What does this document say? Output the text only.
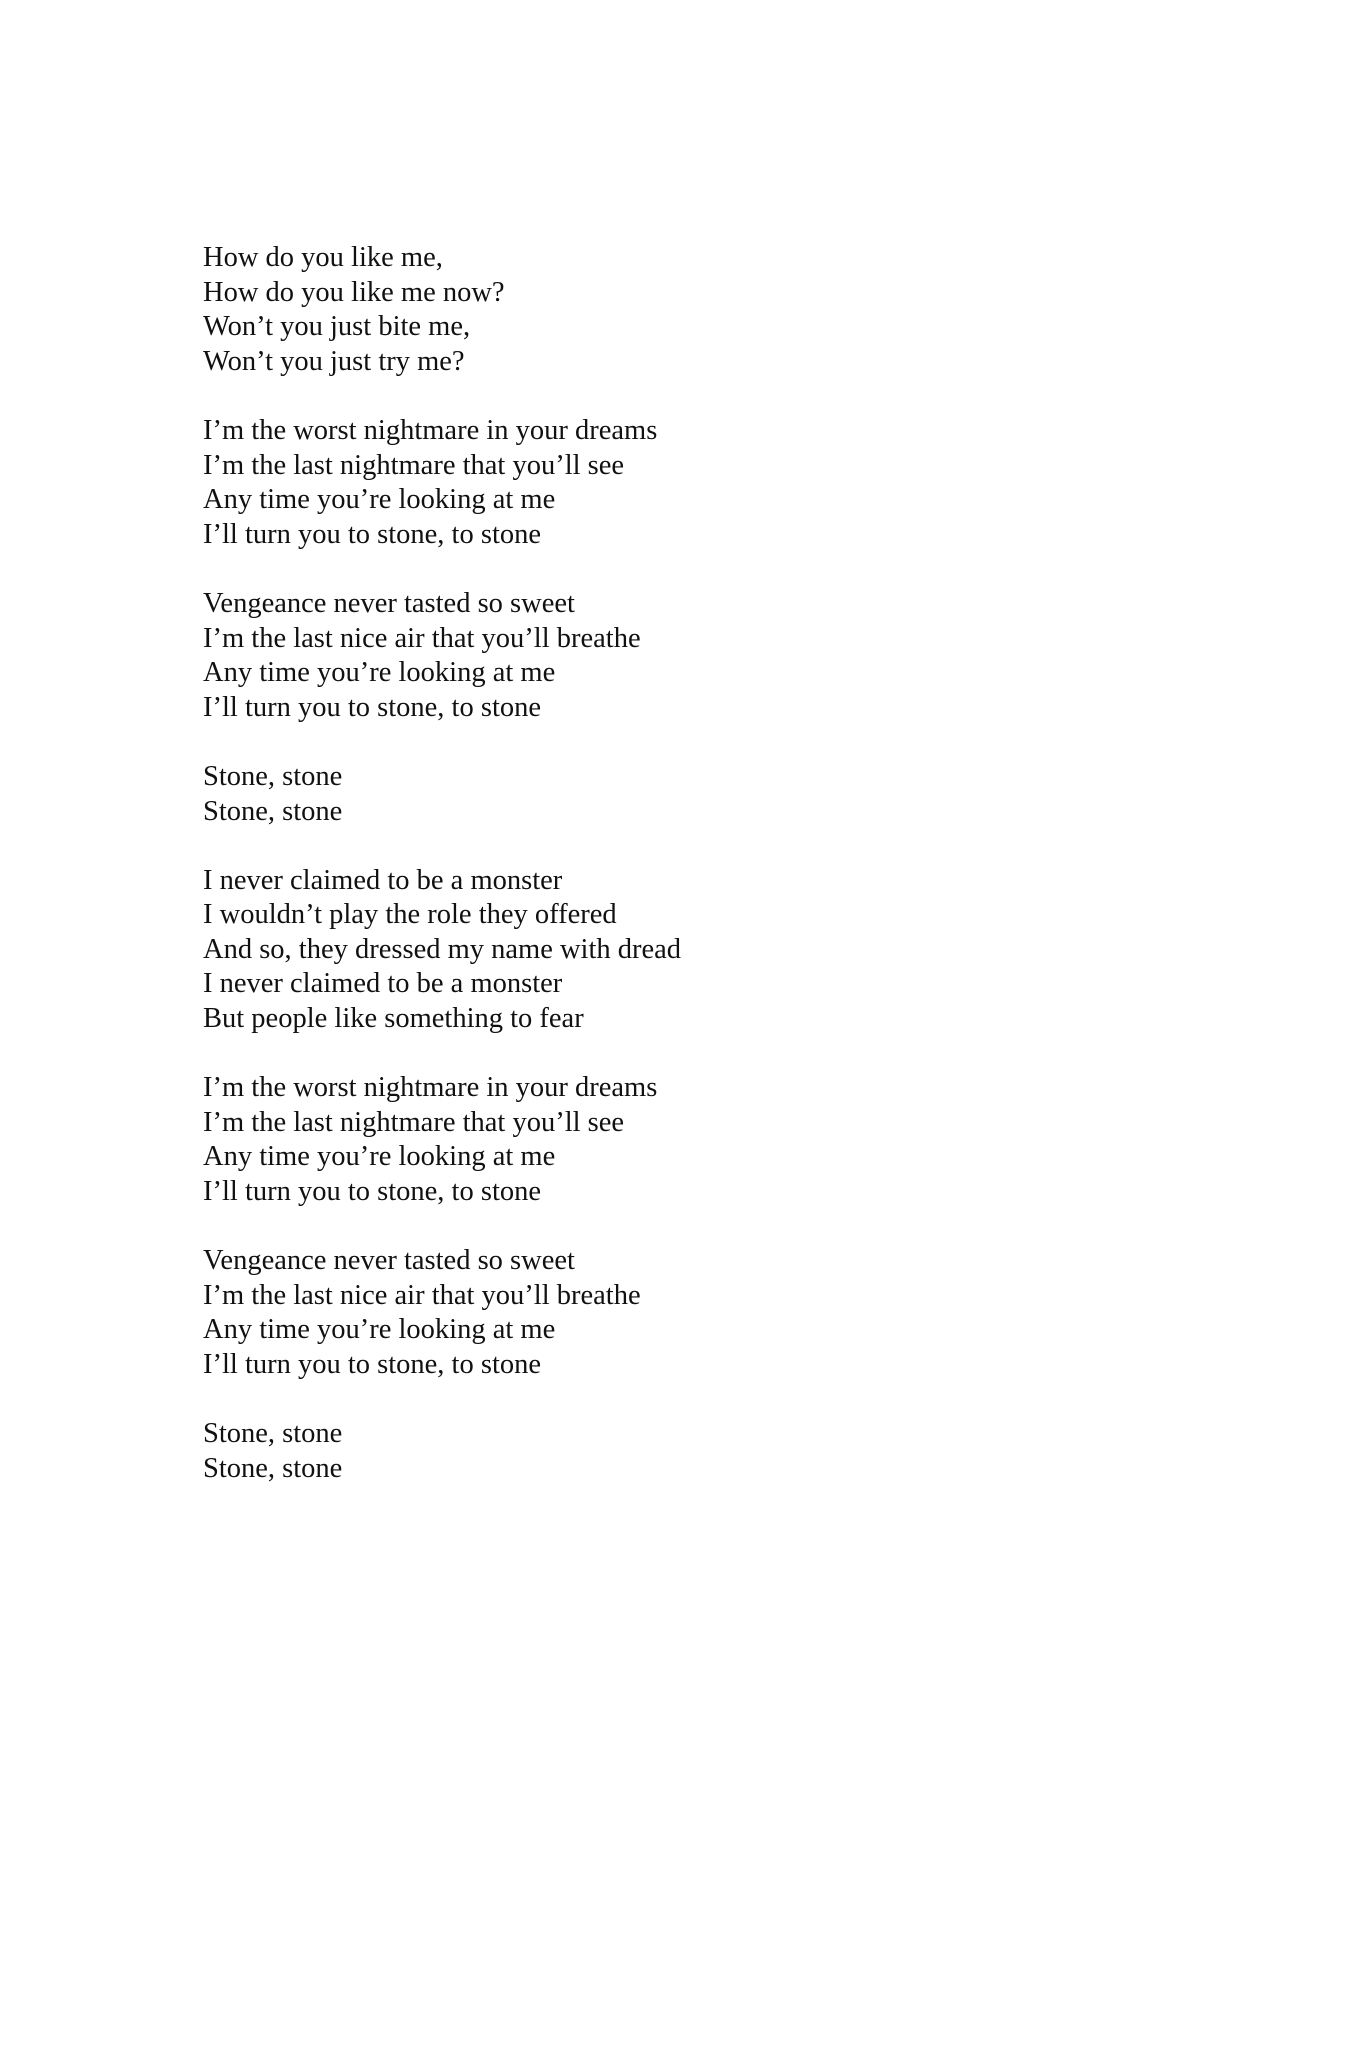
How do you like me,
How do you like me now?
Won’t you just bite me,
Won’t you just try me?
I’m the worst nightmare in your dreams
I’m the last nightmare that you’ll see
Any time you’re looking at me
I’ll turn you to stone, to stone
Vengeance never tasted so sweet
I’m the last nice air that you’ll breathe
Any time you’re looking at me
I’ll turn you to stone, to stone
Stone, stone
Stone, stone
I never claimed to be a monster
I wouldn’t play the role they offered
And so, they dressed my name with dread
I never claimed to be a monster
But people like something to fear
I’m the worst nightmare in your dreams
I’m the last nightmare that you’ll see
Any time you’re looking at me
I’ll turn you to stone, to stone
Vengeance never tasted so sweet
I’m the last nice air that you’ll breathe
Any time you’re looking at me
I’ll turn you to stone, to stone
Stone, stone
Stone, stone
